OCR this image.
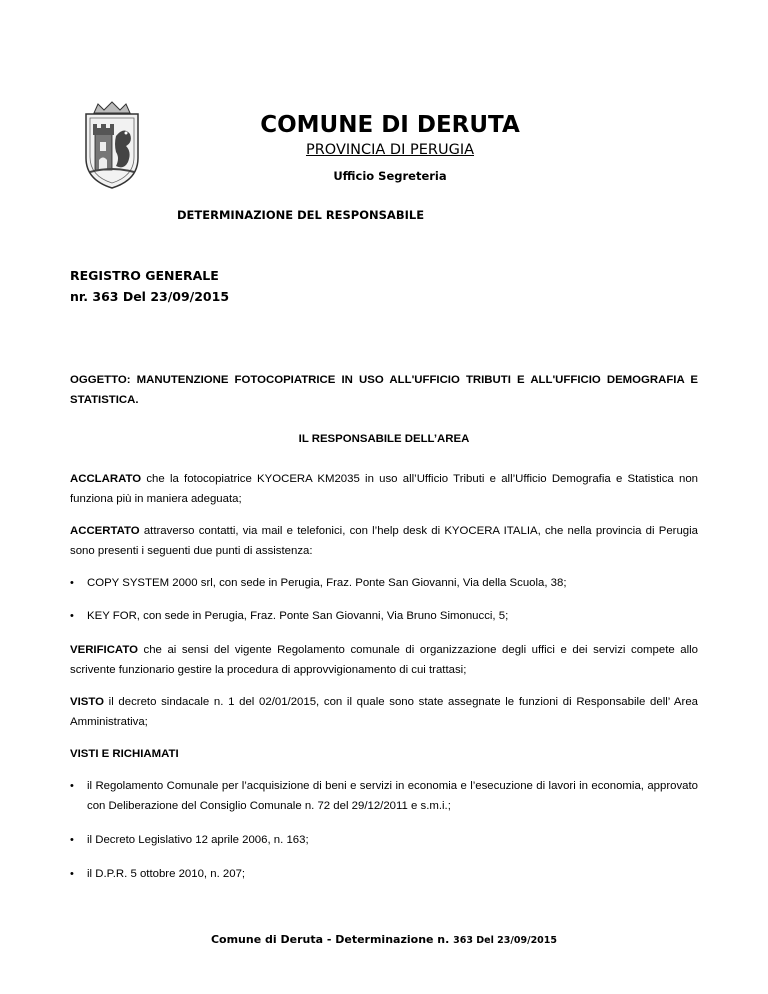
COMUNE DI DERUTA
PROVINCIA DI PERUGIA
Ufficio Segreteria
DETERMINAZIONE DEL RESPONSABILE
REGISTRO GENERALE
nr. 363 Del 23/09/2015
OGGETTO: MANUTENZIONE FOTOCOPIATRICE IN USO ALL'UFFICIO TRIBUTI E ALL'UFFICIO DEMOGRAFIA E STATISTICA.
IL RESPONSABILE DELL’AREA
ACCLARATO che la fotocopiatrice KYOCERA KM2035 in uso all’Ufficio Tributi e all’Ufficio Demografia e Statistica non funziona più in maniera adeguata;
ACCERTATO attraverso contatti, via mail e telefonici, con l’help desk di KYOCERA ITALIA, che nella provincia di Perugia sono presenti i seguenti due punti di assistenza:
• COPY SYSTEM 2000 srl, con sede in Perugia, Fraz. Ponte San Giovanni, Via della Scuola, 38;
• KEY FOR, con sede in Perugia, Fraz. Ponte San Giovanni, Via Bruno Simonucci, 5;
VERIFICATO che ai sensi del vigente Regolamento comunale di organizzazione degli uffici e dei servizi compete allo scrivente funzionario gestire la procedura di approvvigionamento di cui trattasi;
VISTO il decreto sindacale n. 1 del 02/01/2015, con il quale sono state assegnate le funzioni di Responsabile dell’ Area Amministrativa;
VISTI E RICHIAMATI
• il Regolamento Comunale per l’acquisizione di beni e servizi in economia e l’esecuzione di lavori in economia, approvato con Deliberazione del Consiglio Comunale n. 72 del 29/12/2011 e s.m.i.;
• il Decreto Legislativo 12 aprile 2006, n. 163;
• il D.P.R. 5 ottobre 2010, n. 207;
Comune di Deruta - Determinazione n. 363 Del 23/09/2015
